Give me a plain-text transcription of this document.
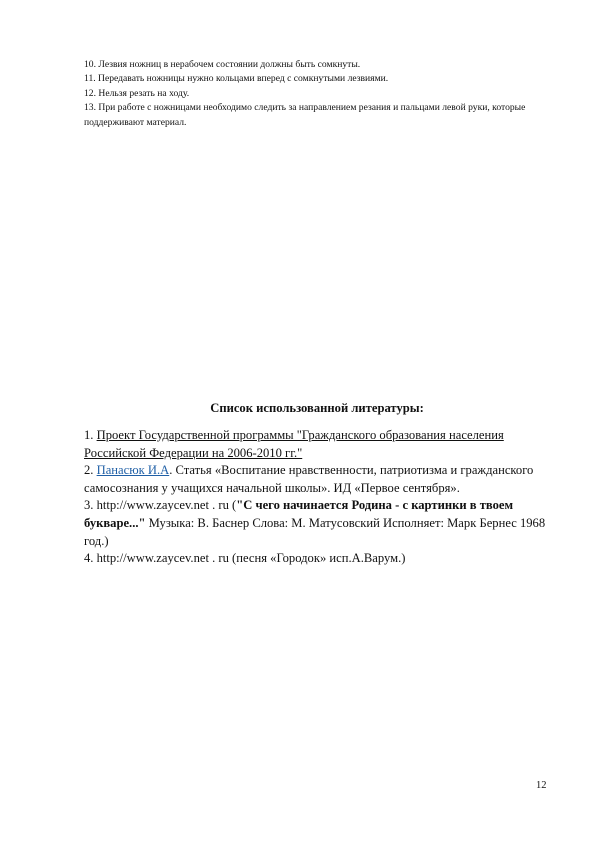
10. Лезвия ножниц в нерабочем состоянии должны быть сомкнуты.

11. Передавать ножницы нужно кольцами вперед с сомкнутыми лезвиями.

12. Нельзя резать на ходу.

13. При работе с ножницами необходимо следить за направлением резания и пальцами левой руки, которые поддерживают материал.

Список использованной литературы:

1. Проект Государственной программы "Гражданского образования населения Российской Федерации на 2006-2010 гг."

2. Панасюк И.А. Статья «Воспитание нравственности, патриотизма и гражданского самосознания у учащихся начальной школы». ИД «Первое сентября».

3. http://www.zaycev.net . ru ("С чего начинается Родина - с картинки в твоем букваре..." Музыка: В. Баснер Слова: М. Матусовский Исполняет: Марк Бернес 1968 год.)

4. http://www.zaycev.net . ru (песня «Городок» исп.А.Варум.)

12
